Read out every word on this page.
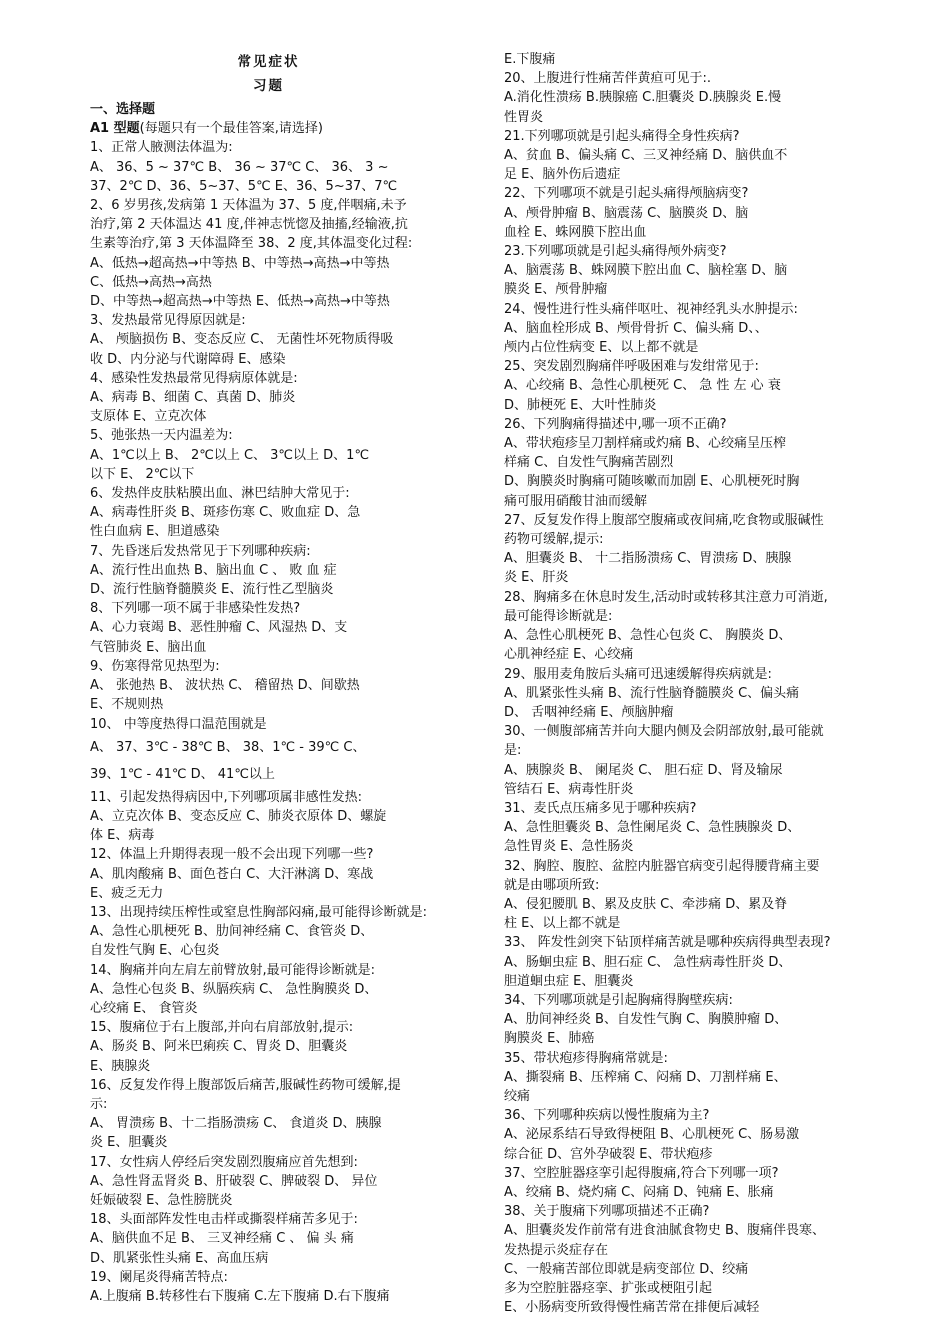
常见症状
习题
一、选择题
A1 型题(每题只有一个最佳答案,请选择)
1、正常人腋测法体温为:
A、 36、5 ~ 37℃ B、 36 ~ 37℃ C、 36、 3 ~
37、2℃ D、36、5~37、5℃ E、36、5~37、7℃
2、6 岁男孩,发病第 1 天体温为 37、5 度,伴咽痛,未予
治疗,第 2 天体温达 41 度,伴神志恍惚及抽搐,经输液,抗
生素等治疗,第 3 天体温降至 38、2 度,其体温变化过程:
A、低热→超高热→中等热 B、中等热→高热→中等热
C、低热→高热→高热
D、中等热→超高热→中等热 E、低热→高热→中等热
3、发热最常见得原因就是:
A、 颅脑损伤 B、变态反应 C、 无菌性坏死物质得吸
收 D、内分泌与代谢障碍 E、感染
4、感染性发热最常见得病原体就是:
A、病毒 B、细菌 C、真菌 D、肺炎
支原体 E、立克次体
5、弛张热一天内温差为:
A、1℃以上 B、 2℃以上 C、 3℃以上 D、1℃
以下 E、 2℃以下
6、发热伴皮肤粘膜出血、淋巴结肿大常见于:
A、病毒性肝炎 B、斑疹伤寒 C、败血症 D、急
性白血病 E、胆道感染
7、先昏迷后发热常见于下列哪种疾病:
A、流行性出血热 B、脑出血 C 、 败 血 症
D、流行性脑脊髓膜炎 E、流行性乙型脑炎
8、下列哪一项不属于非感染性发热?
A、心力衰竭 B、恶性肿瘤 C、风湿热 D、支
气管肺炎 E、脑出血
9、伤寒得常见热型为:
A、 张弛热 B、 波状热 C、 稽留热 D、间歇热
E、不规则热
10、 中等度热得口温范围就是
A、 37、3℃ - 38℃ B、 38、1℃ - 39℃ C、
39、1℃ - 41℃ D、 41℃以上
11、引起发热得病因中,下列哪项属非感性发热:
A、立克次体 B、变态反应 C、肺炎衣原体 D、螺旋
体 E、病毒
12、体温上升期得表现一般不会出现下列哪一些?
A、肌肉酸痛 B、面色苍白 C、大汗淋漓 D、寒战
E、疲乏无力
13、出现持续压榨性或窒息性胸部闷痛,最可能得诊断就是:
A、急性心肌梗死 B、肋间神经痛 C、食管炎 D、
自发性气胸 E、心包炎
14、胸痛并向左肩左前臂放射,最可能得诊断就是:
A、急性心包炎 B、纵膈疾病 C、 急性胸膜炎 D、
心绞痛 E、 食管炎
15、腹痛位于右上腹部,并向右肩部放射,提示:
A、肠炎 B、阿米巴痢疾 C、胃炎 D、胆囊炎
E、胰腺炎
16、反复发作得上腹部饭后痛苦,服碱性药物可缓解,提
示:
A、 胃溃疡 B、十二指肠溃疡 C、 食道炎 D、胰腺
炎 E、胆囊炎
17、女性病人停经后突发剧烈腹痛应首先想到:
A、急性肾盂肾炎 B、肝破裂 C、脾破裂 D、 异位
妊娠破裂 E、急性膀胱炎
18、头面部阵发性电击样或撕裂样痛苦多见于:
A、脑供血不足 B、 三叉神经痛 C 、 偏 头 痛
D、肌紧张性头痛 E、高血压病
19、阑尾炎得痛苦特点:
A.上腹痛 B.转移性右下腹痛 C.左下腹痛 D.右下腹痛
E.下腹痛
20、上腹进行性痛苦伴黄疸可见于:.
A.消化性溃疡 B.胰腺癌 C.胆囊炎 D.胰腺炎 E.慢
性胃炎
21.下列哪项就是引起头痛得全身性疾病?
A、贫血 B、偏头痛 C、三叉神经痛 D、脑供血不
足 E、脑外伤后遗症
22、下列哪项不就是引起头痛得颅脑病变?
A、颅骨肿瘤 B、脑震荡 C、脑膜炎 D、脑
血栓 E、蛛网膜下腔出血
23.下列哪项就是引起头痛得颅外病变?
A、脑震荡 B、蛛网膜下腔出血 C、脑栓塞 D、脑
膜炎 E、颅骨肿瘤
24、慢性进行性头痛伴呕吐、视神经乳头水肿提示:
A、脑血栓形成 B、颅骨骨折 C、偏头痛 D、、
颅内占位性病变 E、以上都不就是
25、突发剧烈胸痛伴呼吸困难与发绀常见于:
A、心绞痛 B、急性心肌梗死 C、 急 性 左 心 衰
D、肺梗死 E、大叶性肺炎
26、下列胸痛得描述中,哪一项不正确?
A、带状疱疹呈刀割样痛或灼痛 B、心绞痛呈压榨
样痛 C、自发性气胸痛苦剧烈
D、胸膜炎时胸痛可随咳嗽而加剧 E、心肌梗死时胸
痛可服用硝酸甘油而缓解
27、反复发作得上腹部空腹痛或夜间痛,吃食物或服碱性
药物可缓解,提示:
A、胆囊炎 B、 十二指肠溃疡 C、胃溃疡 D、胰腺
炎 E、肝炎
28、胸痛多在休息时发生,活动时或转移其注意力可消逝,
最可能得诊断就是:
A、急性心肌梗死 B、急性心包炎 C、 胸膜炎 D、
心肌神经症 E、心绞痛
29、服用麦角胺后头痛可迅速缓解得疾病就是:
A、肌紧张性头痛 B、流行性脑脊髓膜炎 C、偏头痛
D、 舌咽神经痛 E、颅脑肿瘤
30、一侧腹部痛苦并向大腿内侧及会阴部放射,最可能就
是:
A、胰腺炎 B、 阑尾炎 C、 胆石症 D、肾及输尿
管结石 E、病毒性肝炎
31、麦氏点压痛多见于哪种疾病?
A、急性胆囊炎 B、急性阑尾炎 C、急性胰腺炎 D、
急性胃炎 E、急性肠炎
32、胸腔、腹腔、盆腔内脏器官病变引起得腰背痛主要
就是由哪项所致:
A、侵犯腰肌 B、累及皮肤 C、牵涉痛 D、累及脊
柱 E、以上都不就是
33、 阵发性剑突下钻顶样痛苦就是哪种疾病得典型表现?
A、肠蛔虫症 B、胆石症 C、 急性病毒性肝炎 D、
胆道蛔虫症 E、胆囊炎
34、下列哪项就是引起胸痛得胸壁疾病:
A、肋间神经炎 B、自发性气胸 C、胸膜肿瘤 D、
胸膜炎 E、肺癌
35、带状疱疹得胸痛常就是:
A、撕裂痛 B、压榨痛 C、闷痛 D、刀割样痛 E、
绞痛
36、下列哪种疾病以慢性腹痛为主?
A、泌尿系结石导致得梗阻 B、心肌梗死 C、肠易激
综合征 D、宫外孕破裂 E、带状疱疹
37、空腔脏器痉挛引起得腹痛,符合下列哪一项?
A、绞痛 B、烧灼痛 C、闷痛 D、钝痛 E、胀痛
38、关于腹痛下列哪项描述不正确?
A、胆囊炎发作前常有进食油腻食物史 B、腹痛伴畏寒、
发热提示炎症存在
C、一般痛苦部位即就是病变部位 D、绞痛
多为空腔脏器痉挛、扩张或梗阻引起
E、小肠病变所致得慢性痛苦常在排便后减轻
